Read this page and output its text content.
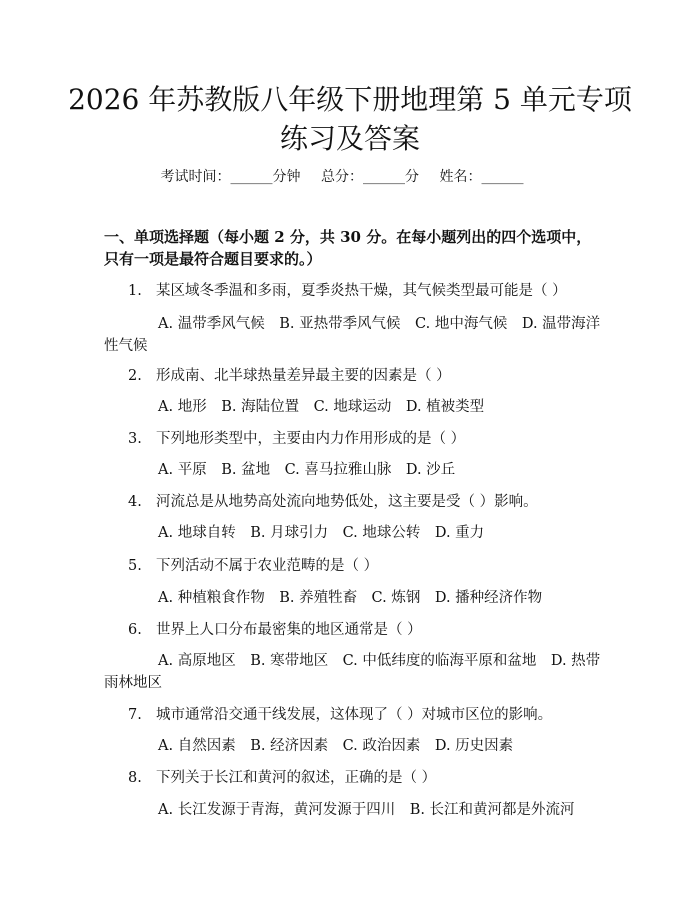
2026 年苏教版八年级下册地理第 5 单元专项
练习及答案
考试时间：______分钟 总分：______分 姓名：______
一、单项选择题（每小题 2 分，共 30 分。在每小题列出的四个选项中，只有一项是最符合题目要求的。）
1. 某区域冬季温和多雨，夏季炎热干燥，其气候类型最可能是（ ）
A. 温带季风气候　B. 亚热带季风气候　C. 地中海气候　D. 温带海洋性气候
2. 形成南、北半球热量差异最主要的因素是（ ）
A. 地形　B. 海陆位置　C. 地球运动　D. 植被类型
3. 下列地形类型中，主要由内力作用形成的是（ ）
A. 平原　B. 盆地　C. 喜马拉雅山脉　D. 沙丘
4. 河流总是从地势高处流向地势低处，这主要是受（ ）影响。
A. 地球自转　B. 月球引力　C. 地球公转　D. 重力
5. 下列活动不属于农业范畴的是（ ）
A. 种植粮食作物　B. 养殖牲畜　C. 炼钢　D. 播种经济作物
6. 世界上人口分布最密集的地区通常是（ ）
A. 高原地区　B. 寒带地区　C. 中低纬度的临海平原和盆地　D. 热带雨林地区
7. 城市通常沿交通干线发展，这体现了（ ）对城市区位的影响。
A. 自然因素　B. 经济因素　C. 政治因素　D. 历史因素
8. 下列关于长江和黄河的叙述，正确的是（ ）
A. 长江发源于青海，黄河发源于四川　B. 长江和黄河都是外流河
